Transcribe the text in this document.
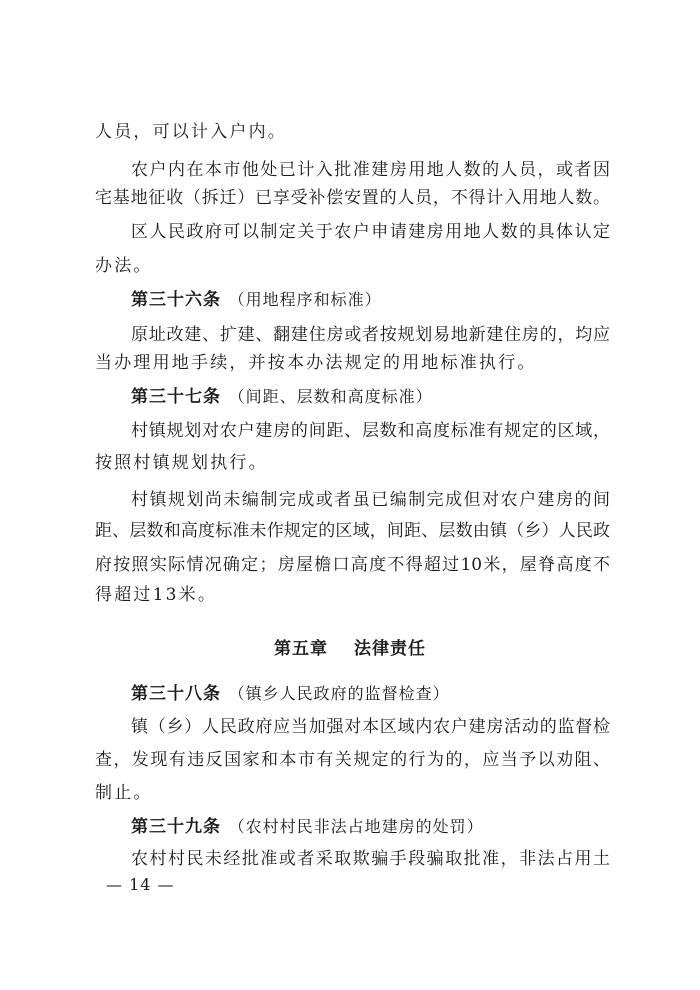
人员，可以计入户内。
农户内在本市他处已计入批准建房用地人数的人员，或者因
宅基地征收（拆迁）已享受补偿安置的人员，不得计入用地人数。
区人民政府可以制定关于农户申请建房用地人数的具体认定
办法。
第三十六条 （用地程序和标准）
原址改建、扩建、翻建住房或者按规划易地新建住房的，均应
当办理用地手续，并按本办法规定的用地标准执行。
第三十七条 （间距、层数和高度标准）
村镇规划对农户建房的间距、层数和高度标准有规定的区域，
按照村镇规划执行。
村镇规划尚未编制完成或者虽已编制完成但对农户建房的间
距、层数和高度标准未作规定的区域，间距、层数由镇（乡）人民政
府按照实际情况确定；房屋檐口高度不得超过10米，屋脊高度不
得超过13米。
第五章 法律责任
第三十八条 （镇乡人民政府的监督检查）
镇（乡）人民政府应当加强对本区域内农户建房活动的监督检
查，发现有违反国家和本市有关规定的行为的，应当予以劝阻、
制止。
第三十九条 （农村村民非法占地建房的处罚）
农村村民未经批准或者采取欺骗手段骗取批准，非法占用土
— 14 —
